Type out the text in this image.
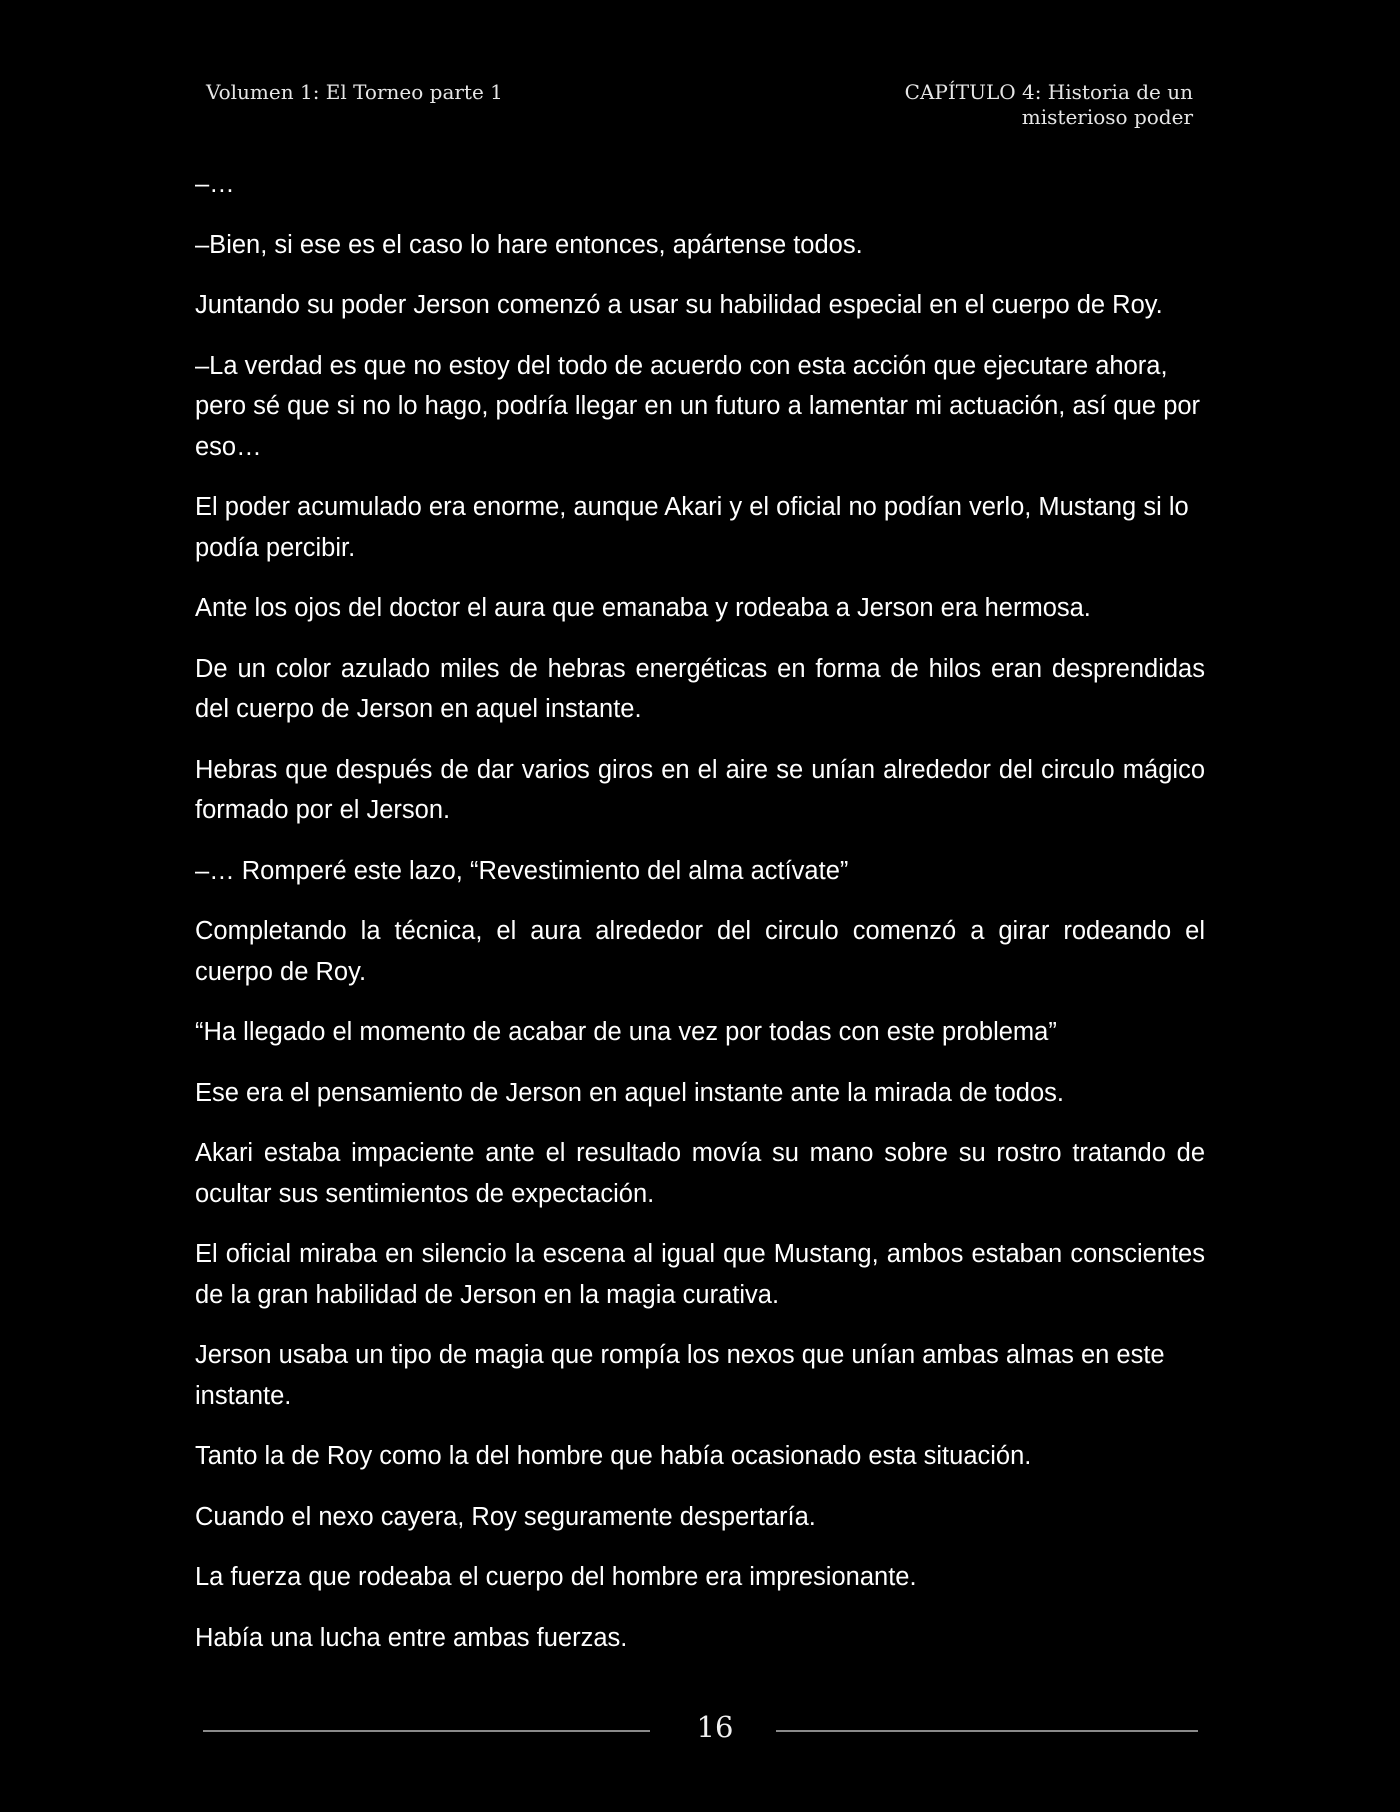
Volumen 1: El Torneo parte 1	CAPÍTULO 4: Historia de un
misterioso poder

–…

–Bien, si ese es el caso lo hare entonces, apártense todos.

Juntando su poder Jerson comenzó a usar su habilidad especial en el cuerpo de Roy.

–La verdad es que no estoy del todo de acuerdo con esta acción que ejecutare ahora, pero sé que si no lo hago, podría llegar en un futuro a lamentar mi actuación, así que por eso…

El poder acumulado era enorme, aunque Akari y el oficial no podían verlo, Mustang si lo podía percibir.

Ante los ojos del doctor el aura que emanaba y rodeaba a Jerson era hermosa.

De un color azulado miles de hebras energéticas en forma de hilos eran desprendidas del cuerpo de Jerson en aquel instante.

Hebras que después de dar varios giros en el aire se unían alrededor del circulo mágico formado por el Jerson.

–… Romperé este lazo, “Revestimiento del alma actívate”

Completando la técnica, el aura alrededor del circulo comenzó a girar rodeando el cuerpo de Roy.

“Ha llegado el momento de acabar de una vez por todas con este problema”

Ese era el pensamiento de Jerson en aquel instante ante la mirada de todos.

Akari estaba impaciente ante el resultado movía su mano sobre su rostro tratando de ocultar sus sentimientos de expectación.

El oficial miraba en silencio la escena al igual que Mustang, ambos estaban conscientes de la gran habilidad de Jerson en la magia curativa.

Jerson usaba un tipo de magia que rompía los nexos que unían ambas almas en este instante.

Tanto la de Roy como la del hombre que había ocasionado esta situación.

Cuando el nexo cayera, Roy seguramente despertaría.

La fuerza que rodeaba el cuerpo del hombre era impresionante.

Había una lucha entre ambas fuerzas.

16
